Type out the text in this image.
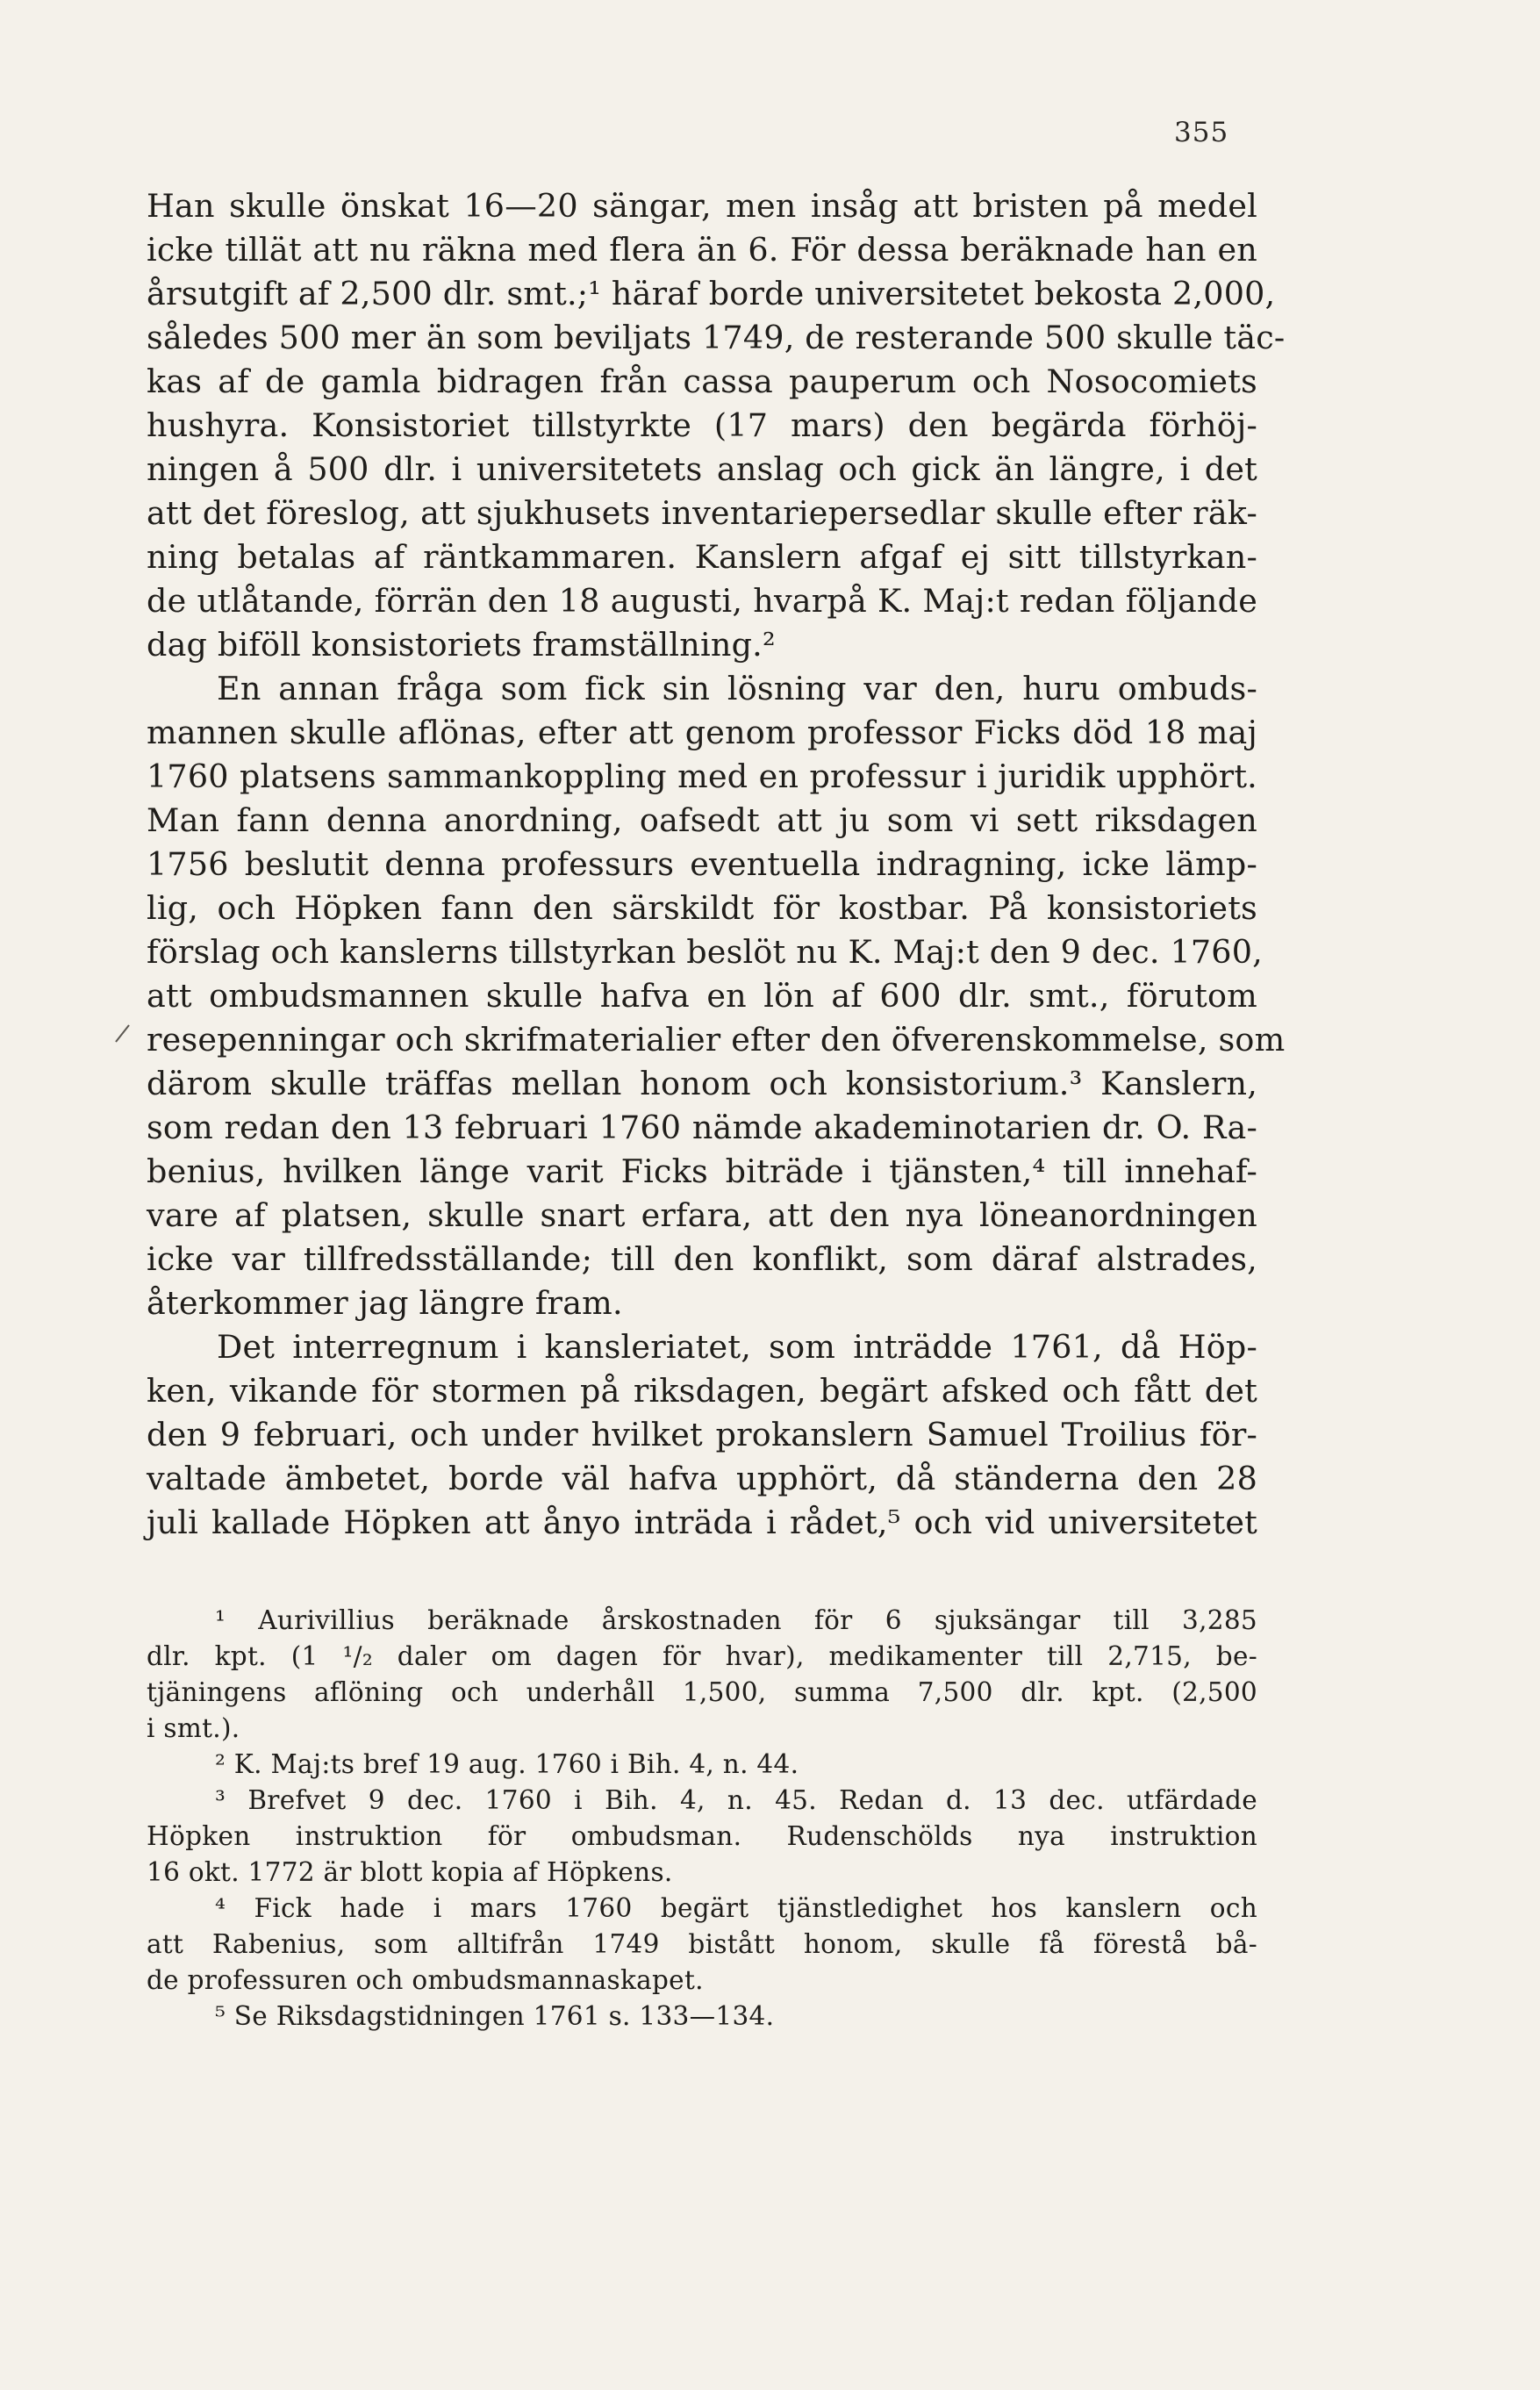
355
Han skulle önskat 16—20 sängar, men insåg att bristen på medel
icke tillät att nu räkna med flera än 6. För dessa beräknade han en
årsutgift af 2,500 dlr. smt.;¹ häraf borde universitetet bekosta 2,000,
således 500 mer än som beviljats 1749, de resterande 500 skulle täc-
kas af de gamla bidragen från cassa pauperum och Nosocomiets
hushyra. Konsistoriet tillstyrkte (17 mars) den begärda förhöj-
ningen å 500 dlr. i universitetets anslag och gick än längre, i det
att det föreslog, att sjukhusets inventariepersedlar skulle efter räk-
ning betalas af räntkammaren. Kanslern afgaf ej sitt tillstyrkan-
de utlåtande, förrän den 18 augusti, hvarpå K. Maj:t redan följande
dag biföll konsistoriets framställning.²
En annan fråga som fick sin lösning var den, huru ombuds-
mannen skulle aflönas, efter att genom professor Ficks död 18 maj
1760 platsens sammankoppling med en professur i juridik upphört.
Man fann denna anordning, oafsedt att ju som vi sett riksdagen
1756 beslutit denna professurs eventuella indragning, icke lämp-
lig, och Höpken fann den särskildt för kostbar. På konsistoriets
förslag och kanslerns tillstyrkan beslöt nu K. Maj:t den 9 dec. 1760,
att ombudsmannen skulle hafva en lön af 600 dlr. smt., förutom
resepenningar och skrifmaterialier efter den öfverenskommelse, som
därom skulle träffas mellan honom och konsistorium.³ Kanslern,
som redan den 13 februari 1760 nämde akademinotarien dr. O. Ra-
benius, hvilken länge varit Ficks biträde i tjänsten,⁴ till innehaf-
vare af platsen, skulle snart erfara, att den nya löneanordningen
icke var tillfredsställande; till den konflikt, som däraf alstrades,
återkommer jag längre fram.
Det interregnum i kansleriatet, som inträdde 1761, då Höp-
ken, vikande för stormen på riksdagen, begärt afsked och fått det
den 9 februari, och under hvilket prokanslern Samuel Troilius för-
valtade ämbetet, borde väl hafva upphört, då ständerna den 28
juli kallade Höpken att ånyo inträda i rådet,⁵ och vid universitetet
¹ Aurivillius beräknade årskostnaden för 6 sjuksängar till 3,285
dlr. kpt. (1 ¹/₂ daler om dagen för hvar), medikamenter till 2,715, be-
tjäningens aflöning och underhåll 1,500, summa 7,500 dlr. kpt. (2,500
i smt.).
² K. Maj:ts bref 19 aug. 1760 i Bih. 4, n. 44.
³ Brefvet 9 dec. 1760 i Bih. 4, n. 45. Redan d. 13 dec. utfärdade
Höpken instruktion för ombudsman. Rudenschölds nya instruktion
16 okt. 1772 är blott kopia af Höpkens.
⁴ Fick hade i mars 1760 begärt tjänstledighet hos kanslern och
att Rabenius, som alltifrån 1749 bistått honom, skulle få förestå bå-
de professuren och ombudsmannaskapet.
⁵ Se Riksdagstidningen 1761 s. 133—134.
